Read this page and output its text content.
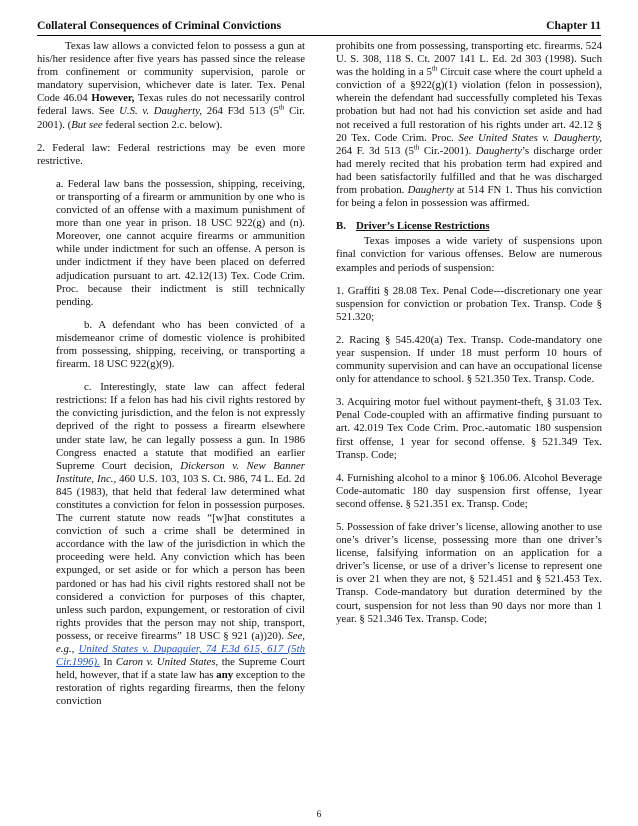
Collateral Consequences of Criminal Convictions	Chapter 11

Texas law allows a convicted felon to possess a gun at his/her residence after five years has passed since the release from confinement or community supervision, parole or mandatory supervision, whichever date is later. Tex. Penal Code 46.04 However, Texas rules do not necessarily control federal laws. See U.S. v. Daugherty, 264 F3d 513 (5th Cir. 2001). (But see federal section 2.c. below).

2. Federal law: Federal restrictions may be even more restrictive.

a. Federal law bans the possession, shipping, receiving, or transporting of a firearm or ammunition by one who is convicted of an offense with a maximum punishment of more than one year in prison. 18 USC 922(g) and (n). Moreover, one cannot acquire firearms or ammunition while under indictment for such an offense. A person is under indictment if they have been placed on deferred adjudication pursuant to art. 42.12(13) Tex. Code Crim. Proc. because their indictment is still technically pending.

b. A defendant who has been convicted of a misdemeanor crime of domestic violence is prohibited from possessing, shipping, receiving, or transporting a firearm. 18 USC 922(g)(9).

c. Interestingly, state law can affect federal restrictions: If a felon has had his civil rights restored by the convicting jurisdiction, and the felon is not expressly deprived of the right to possess a firearm elsewhere under state law, he can legally possess a gun. In 1986 Congress enacted a statute that modified an earlier Supreme Court decision, Dickerson v. New Banner Institute, Inc., 460 U.S. 103, 103 S. Ct. 986, 74 L. Ed. 2d 845 (1983), that held that federal law determined what constitutes a conviction for felon in possession purposes. The current statute now reads “[w]hat constitutes a conviction of such a crime shall be determined in accordance with the law of the jurisdiction in which the proceeding were held. Any conviction which has been expunged, or set aside or for which a person has been pardoned or has had his civil rights restored shall not be considered a conviction for purposes of this chapter, unless such pardon, expungement, or restoration of civil rights provides that the person may not ship, transport, possess, or receive firearms” 18 USC § 921 (a))20). See, e.g., United States v. Dupaquier, 74 F.3d 615, 617 (5th Cir.1996). In Caron v. United States, the Supreme Court held, however, that if a state law has any exception to the restoration of rights regarding firearms, then the felony conviction

prohibits one from possessing, transporting etc. firearms. 524 U. S. 308, 118 S. Ct. 2007 141 L. Ed. 2d 303 (1998). Such was the holding in a 5th Circuit case where the court upheld a conviction of a §922(g)(1) violation (felon in possession), wherein the defendant had successfully completed his Texas probation but had not had his conviction set aside and had not received a full restoration of his rights under art. 42.12 § 20 Tex. Code Crim. Proc. See United States v. Daugherty, 264 F. 3d 513 (5th Cir.-2001). Daugherty’s discharge order had merely recited that his probation term had expired and had been satisfactorily fulfilled and that he was discharged from probation. Daugherty at 514 FN 1. Thus his conviction for being a felon in possession was affirmed.

B. Driver’s License Restrictions

Texas imposes a wide variety of suspensions upon final conviction for various offenses. Below are numerous examples and periods of suspension:

1. Graffiti § 28.08 Tex. Penal Code---discretionary one year suspension for conviction or probation Tex. Transp. Code § 521.320;

2. Racing § 545.420(a) Tex. Transp. Code-mandatory one year suspension. If under 18 must perform 10 hours of community supervision and can have an occupational license only for attendance to school. § 521.350 Tex. Transp. Code.

3. Acquiring motor fuel without payment-theft, § 31.03 Tex. Penal Code-coupled with an affirmative finding pursuant to art. 42.019 Tex Code Crim. Proc.-automatic 180 suspension first offense, 1 year for second offense. § 521.349 Tex. Transp. Code;

4. Furnishing alcohol to a minor § 106.06. Alcohol Beverage Code-automatic 180 day suspension first offense, 1year second offense. § 521.351 ex. Transp. Code;

5. Possession of fake driver’s license, allowing another to use one’s driver’s license, possessing more than one driver’s license, falsifying information on an application for a driver’s license, or use of a driver’s license to represent one is over 21 when they are not, § 521.451 and § 521.453 Tex. Transp. Code-mandatory but duration determined by the court, suspension for not less than 90 days nor more than 1 year. § 521.346 Tex. Transp. Code;

6
